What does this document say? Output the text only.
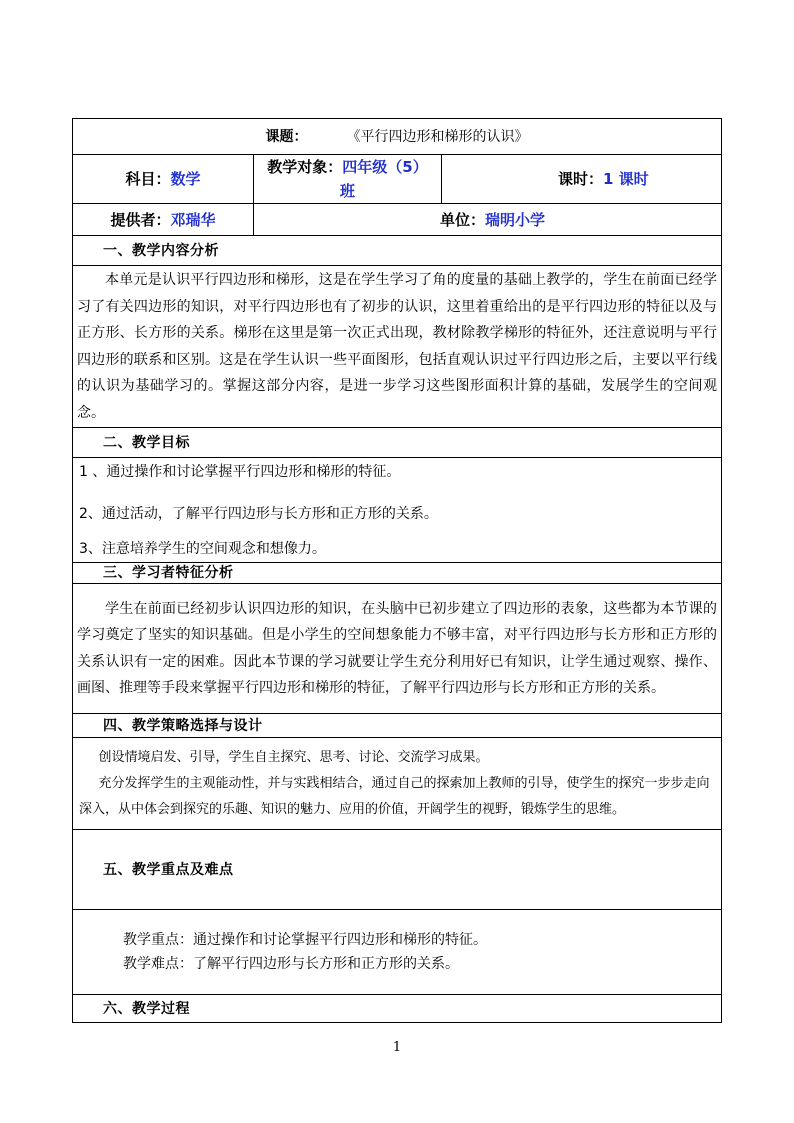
课题： 《平行四边形和梯形的认识》		
科目：数学	教学对象：四年级（5）班	课时：1 课时
提供者：邓瑞华	单位：瑞明小学	
一、教学内容分析		
本单元是认识平行四边形和梯形，这是在学生学习了角的度量的基础上教学的，学生在前面已经学习了有关四边形的知识，对平行四边形也有了初步的认识，这里着重给出的是平行四边形的特征以及与正方形、长方形的关系。梯形在这里是第一次正式出现，教材除教学梯形的特征外，还注意说明与平行四边形的联系和区别。这是在学生认识一些平面图形，包括直观认识过平行四边形之后，主要以平行线的认识为基础学习的。掌握这部分内容，是进一步学习这些图形面积计算的基础，发展学生的空间观念。		
二、教学目标		

1 、通过操作和讨论掌握平行四边形和梯形的特征。
2、通过活动，了解平行四边形与长方形和正方形的关系。
3、注意培养学生的空间观念和想像力。		

三、学习者特征分析		
学生在前面已经初步认识四边形的知识，在头脑中已初步建立了四边形的表象，这些都为本节课的学习奠定了坚实的知识基础。但是小学生的空间想象能力不够丰富，对平行四边形与长方形和正方形的关系认识有一定的困难。因此本节课的学习就要让学生充分利用好已有知识，让学生通过观察、操作、画图、推理等手段来掌握平行四边形和梯形的特征，了解平行四边形与长方形和正方形的关系。		
四、教学策略选择与设计		

创设情境启发、引导，学生自主探究、思考、讨论、交流学习成果。

充分发挥学生的主观能动性，并与实践相结合，通过自己的探索加上教师的引导，使学生的探究一步步走向深入，从中体会到探究的乐趣、知识的魅力、应用的价值，开阔学生的视野，锻炼学生的思维。		

五、教学重点及难点		

教学重点：通过操作和讨论掌握平行四边形和梯形的特征。

教学难点：了解平行四边形与长方形和正方形的关系。		

六、教学过程		
1
